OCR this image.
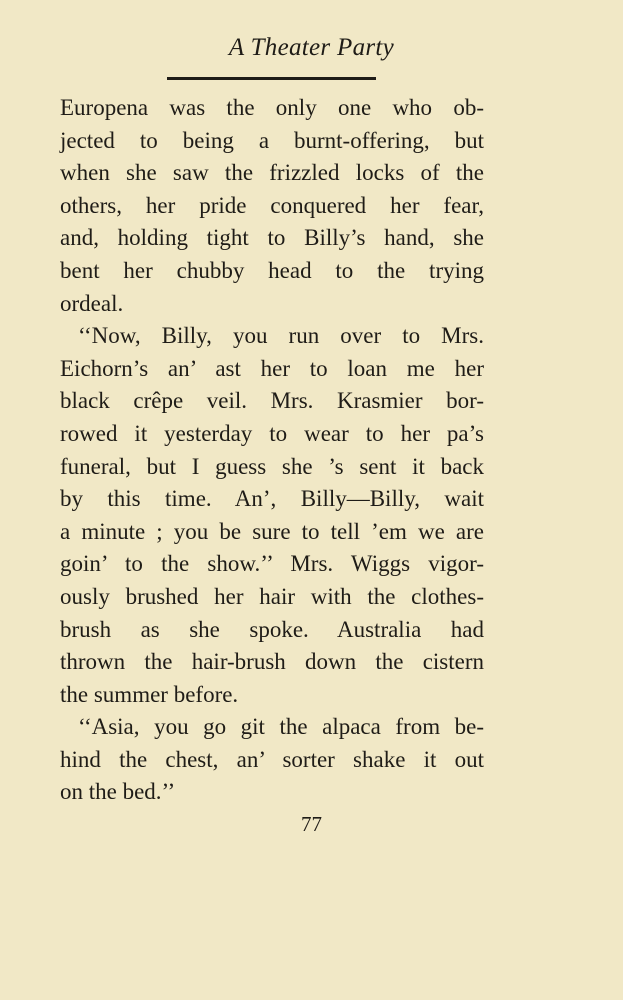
A Theater Party
Europena was the only one who ob-
jected to being a burnt-offering, but
when she saw the frizzled locks of the
others, her pride conquered her fear,
and, holding tight to Billy’s hand, she
bent her chubby head to the trying
ordeal.
‘‘Now, Billy, you run over to Mrs.
Eichorn’s an’ ast her to loan me her
black crêpe veil. Mrs. Krasmier bor-
rowed it yesterday to wear to her pa’s
funeral, but I guess she ’s sent it back
by this time. An’, Billy—Billy, wait
a minute ; you be sure to tell ’em we are
goin’ to the show.’’ Mrs. Wiggs vigor-
ously brushed her hair with the clothes-
brush as she spoke. Australia had
thrown the hair-brush down the cistern
the summer before.
‘‘Asia, you go git the alpaca from be-
hind the chest, an’ sorter shake it out
on the bed.’’
77
